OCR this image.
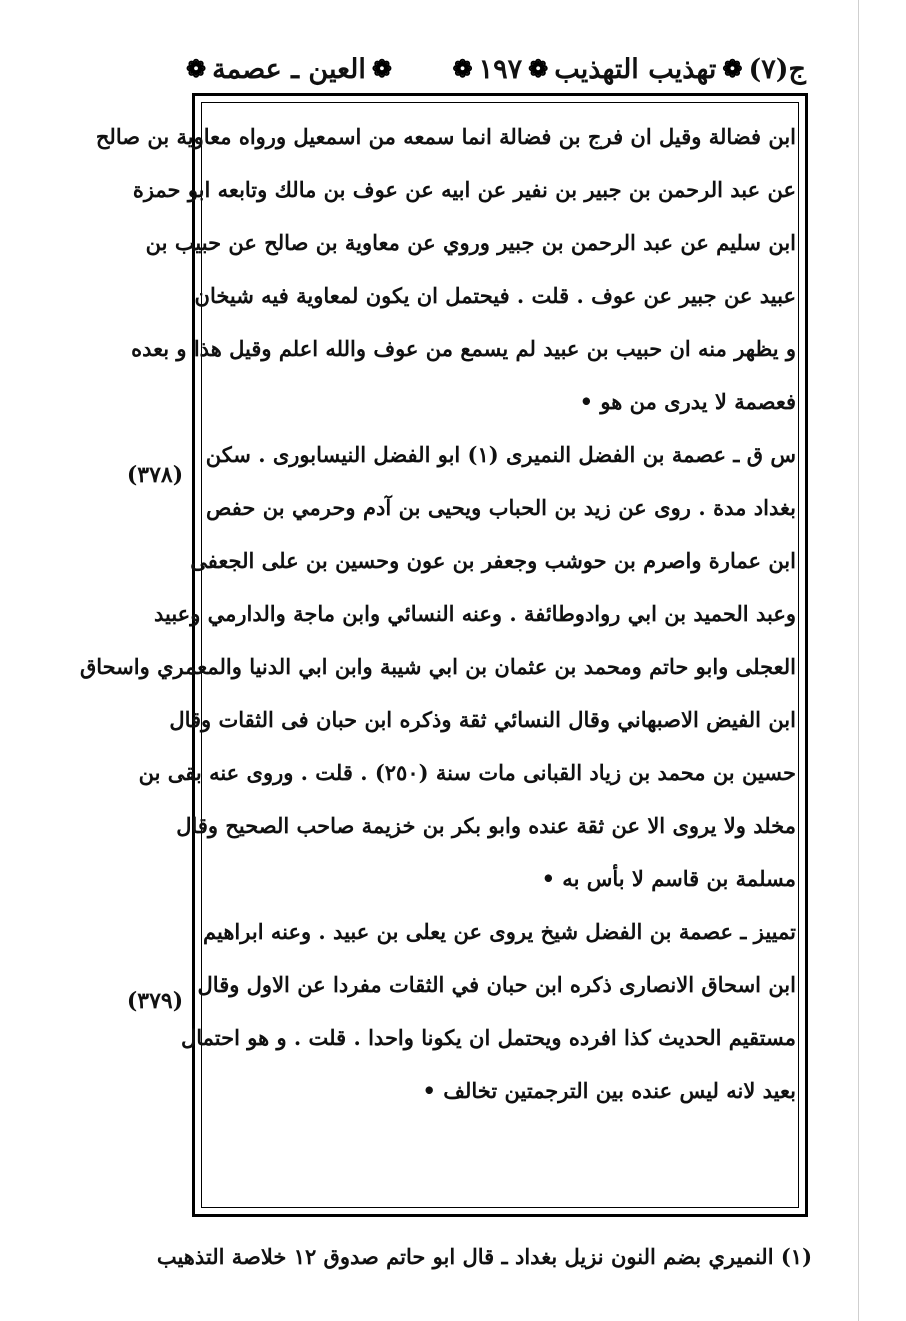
ج(٧)
❁
تهذيب التهذيب
❁
١٩٧
❁
❁
العين ـ عصمة
❁
ابن فضالة وقيل ان فرج بن فضالة انما سمعه من اسمعيل ورواه معاوية بن صالح
عن عبد الرحمن بن جبير بن نفير عن ابيه عن عوف بن مالك وتابعه ابو حمزة
ابن سليم عن عبد الرحمن بن جبير وروي عن معاوية بن صالح عن حبيب بن
عبيد عن جبير عن عوف . قلت . فيحتمل ان يكون لمعاوية فيه شيخان
و يظهر منه ان حبيب بن عبيد لم يسمع من عوف والله اعلم وقيل هذا و بعده
فعصمة لا يدرى من هو •
س ق ـ عصمة بن الفضل النميرى (١) ابو الفضل النيسابورى . سكن
بغداد مدة . روى عن زيد بن الحباب ويحيى بن آدم وحرمي بن حفص
ابن عمارة واصرم بن حوشب وجعفر بن عون وحسين بن على الجعفى
وعبد الحميد بن ابي روادوطائفة . وعنه النسائي وابن ماجة والدارمي وعبيد
العجلى وابو حاتم ومحمد بن عثمان بن ابي شيبة وابن ابي الدنيا والمعمري واسحاق
ابن الفيض الاصبهاني وقال النسائي ثقة وذكره ابن حبان فى الثقات وقال
حسين بن محمد بن زياد القبانى مات سنة (٢٥٠) . قلت . وروى عنه بقى بن
مخلد ولا يروى الا عن ثقة عنده وابو بكر بن خزيمة صاحب الصحيح وقال
مسلمة بن قاسم لا بأس به •
تمييز ـ عصمة بن الفضل شيخ يروى عن يعلى بن عبيد . وعنه ابراهيم
ابن اسحاق الانصارى ذكره ابن حبان في الثقات مفردا عن الاول وقال
مستقيم الحديث كذا افرده ويحتمل ان يكونا واحدا . قلت . و هو احتمال
بعيد لانه ليس عنده بين الترجمتين تخالف •
(٣٧٨)
(٣٧٩)
(١) النميري بضم النون نزيل بغداد ـ قال ابو حاتم صدوق ١٢ خلاصة التذهيب
